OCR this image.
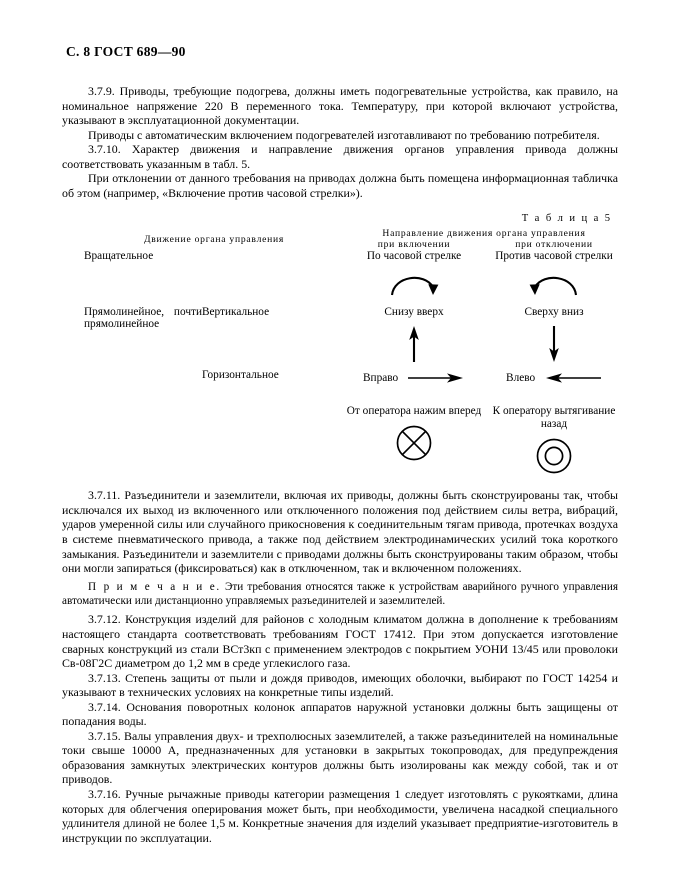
С. 8 ГОСТ 689—90

3.7.9. Приводы, требующие подогрева, должны иметь подогревательные устройства, как правило, на номинальное напряжение 220 В переменного тока. Температуру, при которой включают устройства, указывают в эксплуатационной документации.

Приводы с автоматическим включением подогревателей изготавливают по требованию потребителя.

3.7.10. Характер движения и направление движения органов управления привода должны соответствовать указанным в табл. 5.

При отклонении от данного требования на приводах должна быть помещена информационная табличка об этом (например, «Включение против часовой стрелки»).

Т а б л и ц а 5
Движение органа управления		Направление движения органа управления	
		при включении	при отключении
Вращательное		По часовой стрелке	Против часовой стрелки

Прямолинейное, почти прямолинейное	Вертикальное	Снизу вверх	Сверху вниз

	Горизонтальное	Вправо	Влево

		От оператора нажим вперед	К оператору вытягивание назад

3.7.11. Разъединители и заземлители, включая их приводы, должны быть сконструированы так, чтобы исключался их выход из включенного или отключенного положения под действием силы ветра, вибраций, ударов умеренной силы или случайного прикосновения к соединительным тягам привода, протечках воздуха в системе пневматического привода, а также под действием электродинамических усилий тока короткого замыкания. Разъединители и заземлители с приводами должны быть сконструированы таким образом, чтобы они могли запираться (фиксироваться) как в отключенном, так и включенном положениях.

П р и м е ч а н и е. Эти требования относятся также к устройствам аварийного ручного управления автоматически или дистанционно управляемых разъединителей и заземлителей.

3.7.12. Конструкция изделий для районов с холодным климатом должна в дополнение к требованиям настоящего стандарта соответствовать требованиям ГОСТ 17412. При этом допускается изготовление сварных конструкций из стали ВСт3кп с применением электродов с покрытием УОНИ 13/45 или проволоки Св-08Г2С диаметром до 1,2 мм в среде углекислого газа.

3.7.13. Степень защиты от пыли и дождя приводов, имеющих оболочки, выбирают по ГОСТ 14254 и указывают в технических условиях на конкретные типы изделий.

3.7.14. Основания поворотных колонок аппаратов наружной установки должны быть защищены от попадания воды.

3.7.15. Валы управления двух- и трехполюсных заземлителей, а также разъединителей на номинальные токи свыше 10000 А, предназначенных для установки в закрытых токопроводах, для предупреждения образования замкнутых электрических контуров должны быть изолированы как между собой, так и от приводов.

3.7.16. Ручные рычажные приводы категории размещения 1 следует изготовлять с рукоятками, длина которых для облегчения оперирования может быть, при необходимости, увеличена насадкой специального удлинителя длиной не более 1,5 м. Конкретные значения для изделий указывает предприятие-изготовитель в инструкции по эксплуатации.
